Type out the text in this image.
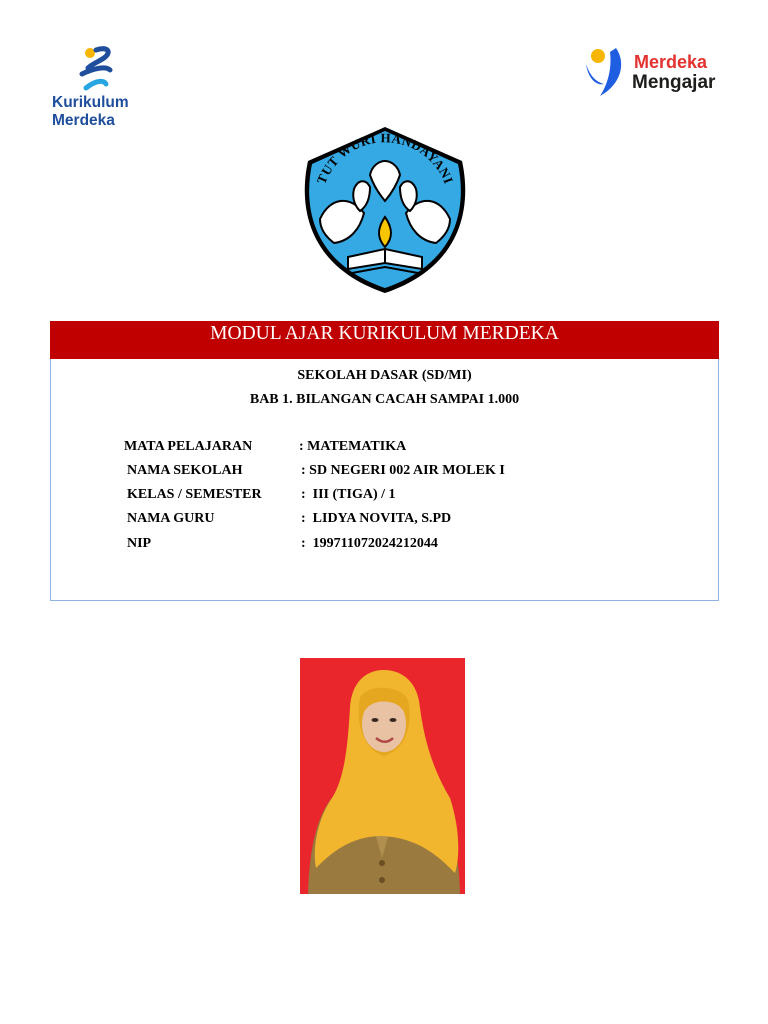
Kurikulum
Merdeka
Merdeka
Mengajar
TUT WURI HANDAYANI
MODUL AJAR KURIKULUM MERDEKA
SEKOLAH DASAR (SD/MI)
BAB 1. BILANGAN CACAH SAMPAI 1.000
MATA PELAJARAN	: MATEMATIKA
NAMA SEKOLAH	: SD NEGERI 002 AIR MOLEK I
KELAS / SEMESTER	:  III (TIGA) / 1
NAMA GURU	:  LIDYA NOVITA, S.PD
NIP	:  199711072024212044
